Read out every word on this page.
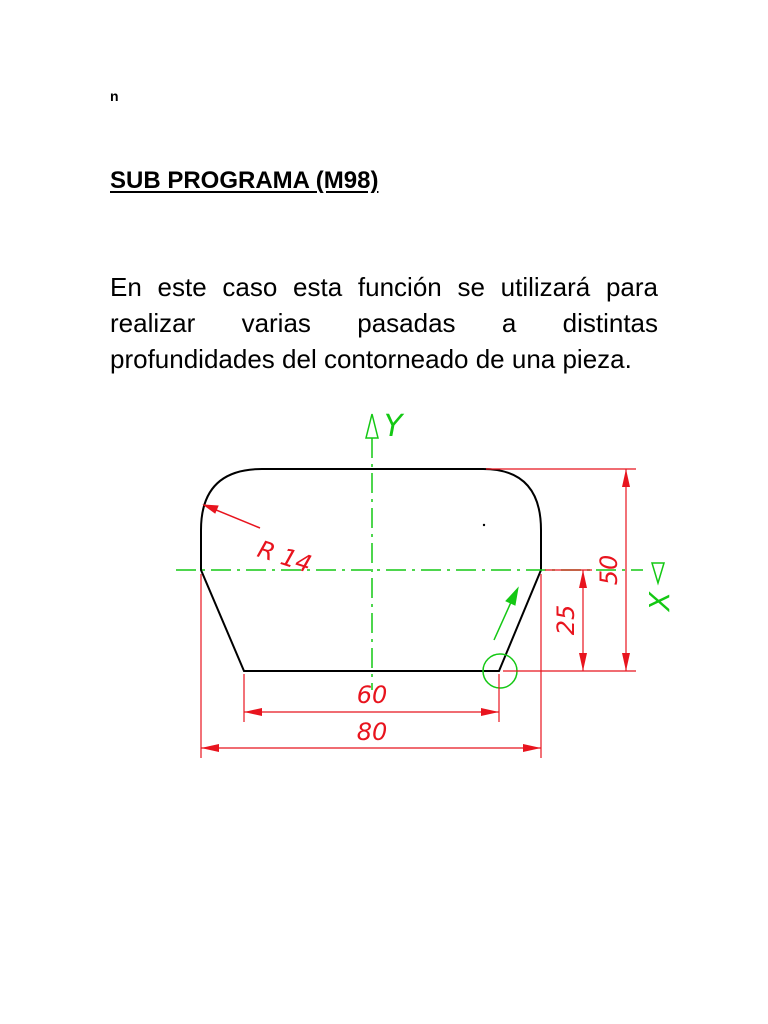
n
SUB PROGRAMA (M98)

En este caso esta función se utilizará para realizar varias pasadas a distintas profundidades del contorneado de una pieza.

Y
X
R 14
60
80
50
25
